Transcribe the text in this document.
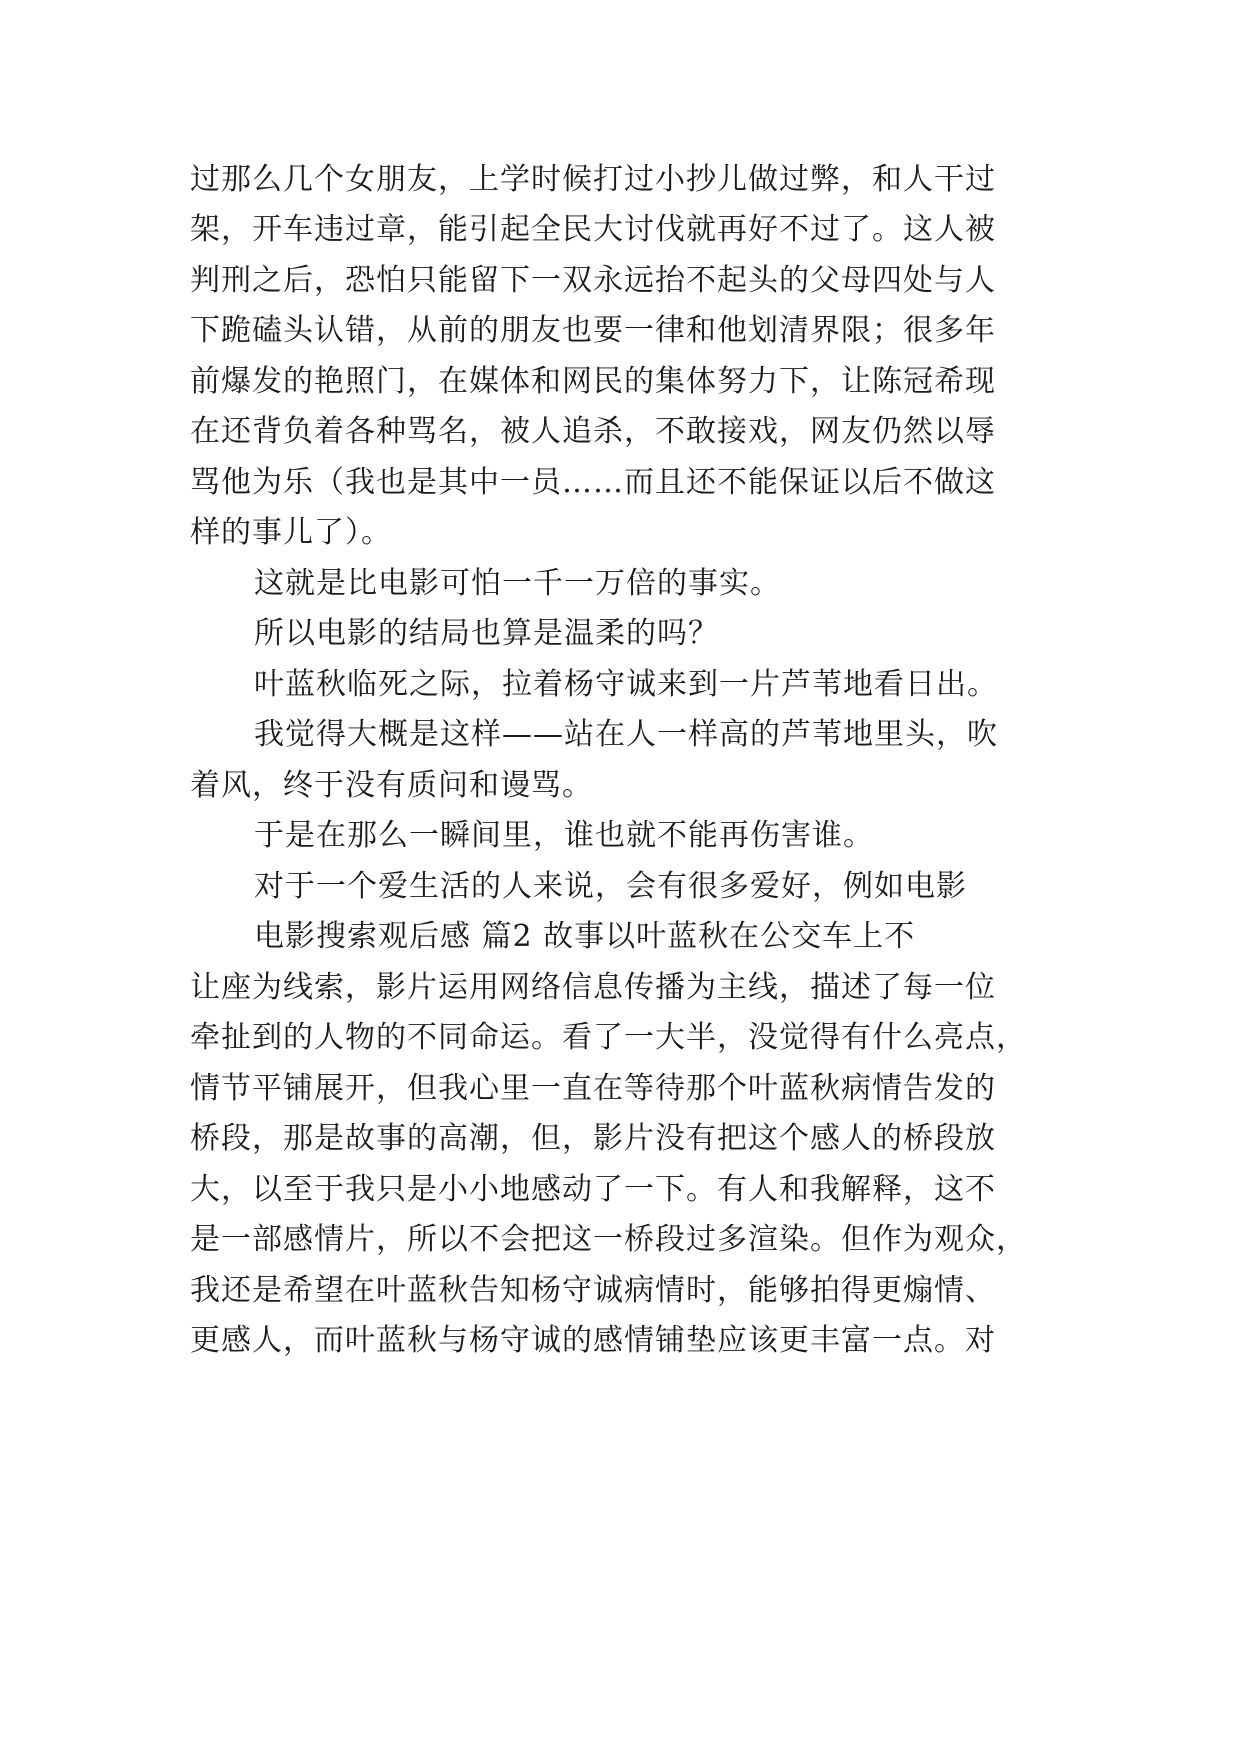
过那么几个女朋友，上学时候打过小抄儿做过弊，和人干过
架，开车违过章，能引起全民大讨伐就再好不过了。这人被
判刑之后，恐怕只能留下一双永远抬不起头的父母四处与人
下跪磕头认错，从前的朋友也要一律和他划清界限；很多年
前爆发的艳照门，在媒体和网民的集体努力下，让陈冠希现
在还背负着各种骂名，被人追杀，不敢接戏，网友仍然以辱
骂他为乐（我也是其中一员……而且还不能保证以后不做这
样的事儿了）。
这就是比电影可怕一千一万倍的事实。
所以电影的结局也算是温柔的吗？
叶蓝秋临死之际，拉着杨守诚来到一片芦苇地看日出。
我觉得大概是这样——站在人一样高的芦苇地里头，吹
着风，终于没有质问和谩骂。
于是在那么一瞬间里，谁也就不能再伤害谁。
对于一个爱生活的人来说，会有很多爱好，例如电影
电影搜索观后感 篇2 故事以叶蓝秋在公交车上不
让座为线索，影片运用网络信息传播为主线，描述了每一位
牵扯到的人物的不同命运。看了一大半，没觉得有什么亮点，
情节平铺展开，但我心里一直在等待那个叶蓝秋病情告发的
桥段，那是故事的高潮，但，影片没有把这个感人的桥段放
大，以至于我只是小小地感动了一下。有人和我解释，这不
是一部感情片，所以不会把这一桥段过多渲染。但作为观众，
我还是希望在叶蓝秋告知杨守诚病情时，能够拍得更煽情、
更感人，而叶蓝秋与杨守诚的感情铺垫应该更丰富一点。对
